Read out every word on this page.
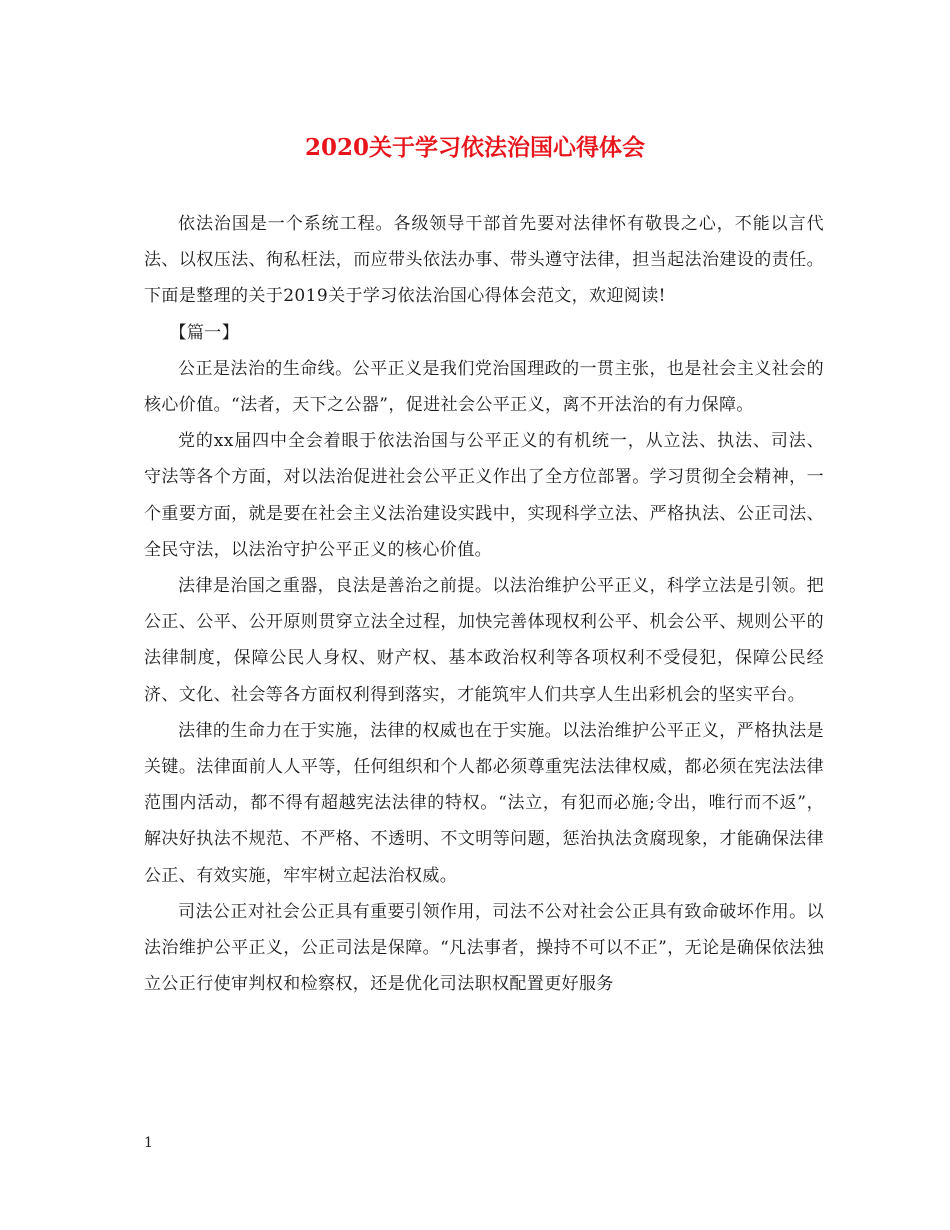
2020关于学习依法治国心得体会

依法治国是一个系统工程。各级领导干部首先要对法律怀有敬畏之心，不能以言代法、以权压法、徇私枉法，而应带头依法办事、带头遵守法律，担当起法治建设的责任。下面是整理的关于2019关于学习依法治国心得体会范文，欢迎阅读!

【篇一】

公正是法治的生命线。公平正义是我们党治国理政的一贯主张，也是社会主义社会的核心价值。“法者，天下之公器”，促进社会公平正义，离不开法治的有力保障。

党的xx届四中全会着眼于依法治国与公平正义的有机统一，从立法、执法、司法、守法等各个方面，对以法治促进社会公平正义作出了全方位部署。学习贯彻全会精神，一个重要方面，就是要在社会主义法治建设实践中，实现科学立法、严格执法、公正司法、全民守法，以法治守护公平正义的核心价值。

法律是治国之重器，良法是善治之前提。以法治维护公平正义，科学立法是引领。把公正、公平、公开原则贯穿立法全过程，加快完善体现权利公平、机会公平、规则公平的法律制度，保障公民人身权、财产权、基本政治权利等各项权利不受侵犯，保障公民经济、文化、社会等各方面权利得到落实，才能筑牢人们共享人生出彩机会的坚实平台。

法律的生命力在于实施，法律的权威也在于实施。以法治维护公平正义，严格执法是关键。法律面前人人平等，任何组织和个人都必须尊重宪法法律权威，都必须在宪法法律范围内活动，都不得有超越宪法法律的特权。“法立，有犯而必施;令出，唯行而不返”，解决好执法不规范、不严格、不透明、不文明等问题，惩治执法贪腐现象，才能确保法律公正、有效实施，牢牢树立起法治权威。

司法公正对社会公正具有重要引领作用，司法不公对社会公正具有致命破坏作用。以法治维护公平正义，公正司法是保障。“凡法事者，操持不可以不正”，无论是确保依法独立公正行使审判权和检察权，还是优化司法职权配置更好服务

1
